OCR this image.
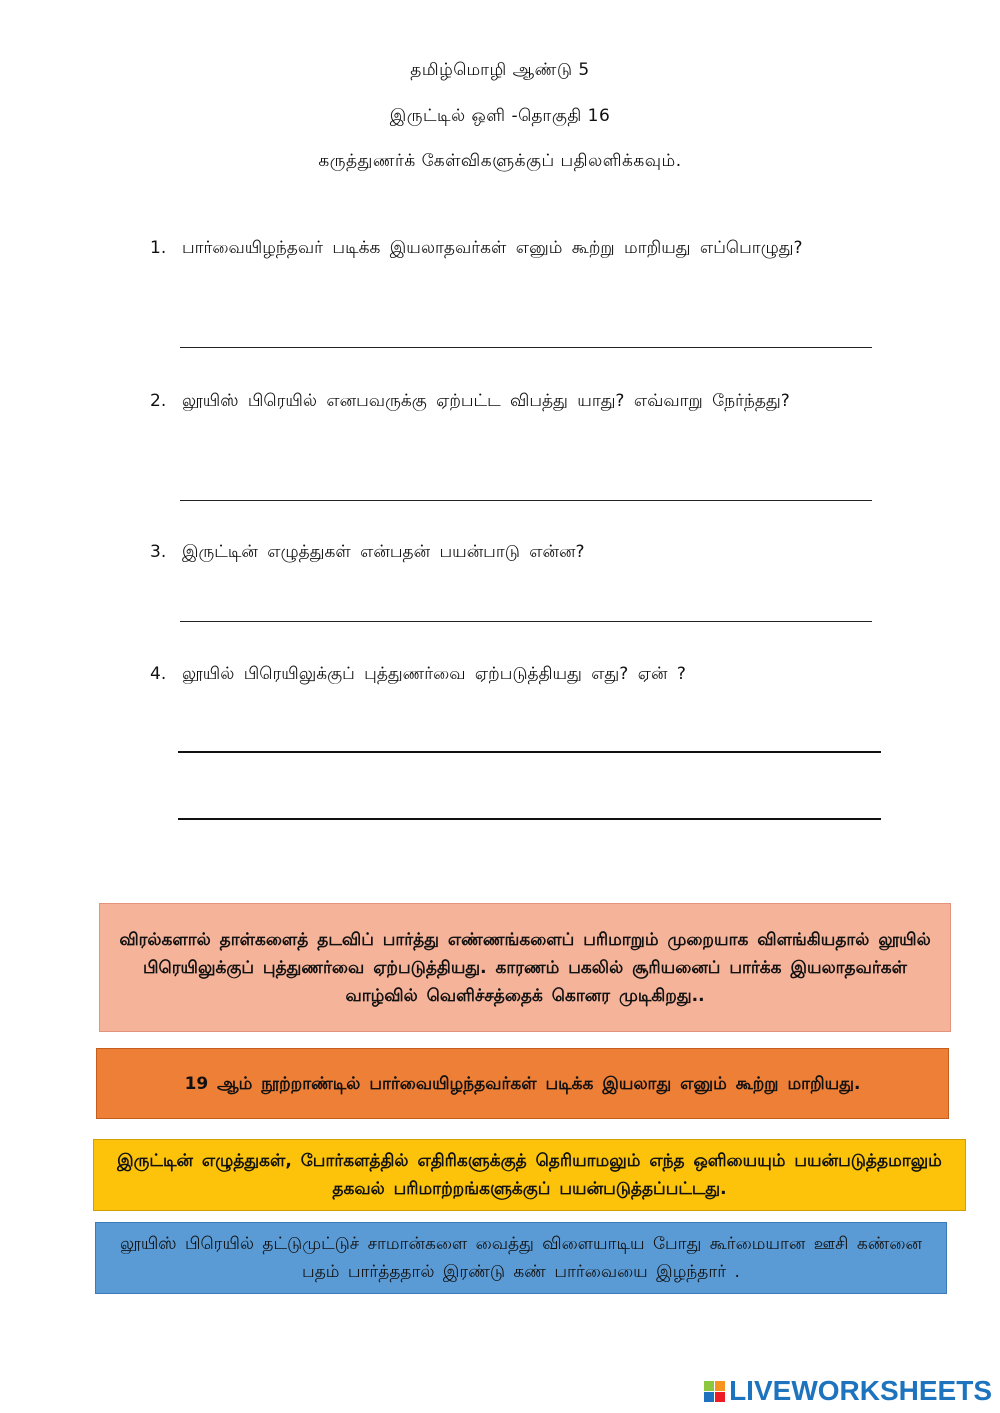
தமிழ்மொழி ஆண்டு 5
இருட்டில் ஒளி -தொகுதி 16
கருத்துணர்க் கேள்விகளுக்குப் பதிலளிக்கவும்.
1. பார்வையிழந்தவர் படிக்க இயலாதவர்கள் எனும் கூற்று மாறியது எப்பொழுது?
2. லூயிஸ் பிரெயில் எனபவருக்கு ஏற்பட்ட விபத்து யாது? எவ்வாறு நேர்ந்தது?
3. இருட்டின் எழுத்துகள் என்பதன் பயன்பாடு என்ன?
4. லூயில் பிரெயிலுக்குப் புத்துணர்வை ஏற்படுத்தியது எது? ஏன் ?
விரல்களால் தாள்களைத் தடவிப் பார்த்து எண்ணங்களைப் பரிமாறும் முறையாக விளங்கியதால் லூயில் பிரெயிலுக்குப் புத்துணர்வை ஏற்படுத்தியது. காரணம் பகலில் சூரியனைப் பார்க்க இயலாதவர்கள் வாழ்வில் வெளிச்சத்தைக் கொனர முடிகிறது..
19 ஆம் நூற்றாண்டில் பார்வையிழந்தவர்கள் படிக்க இயலாது எனும் கூற்று மாறியது.
இருட்டின் எழுத்துகள், போர்களத்தில் எதிரிகளுக்குத் தெரியாமலும் எந்த ஒளியையும் பயன்படுத்தமாலும் தகவல் பரிமாற்றங்களுக்குப் பயன்படுத்தப்பட்டது.
லூயிஸ் பிரெயில் தட்டுமுட்டுச் சாமான்களை வைத்து விளையாடிய போது கூர்மையான ஊசி கண்னை பதம் பார்த்ததால் இரண்டு கண் பார்வையை இழந்தார் .
LIVEWORKSHEETS
